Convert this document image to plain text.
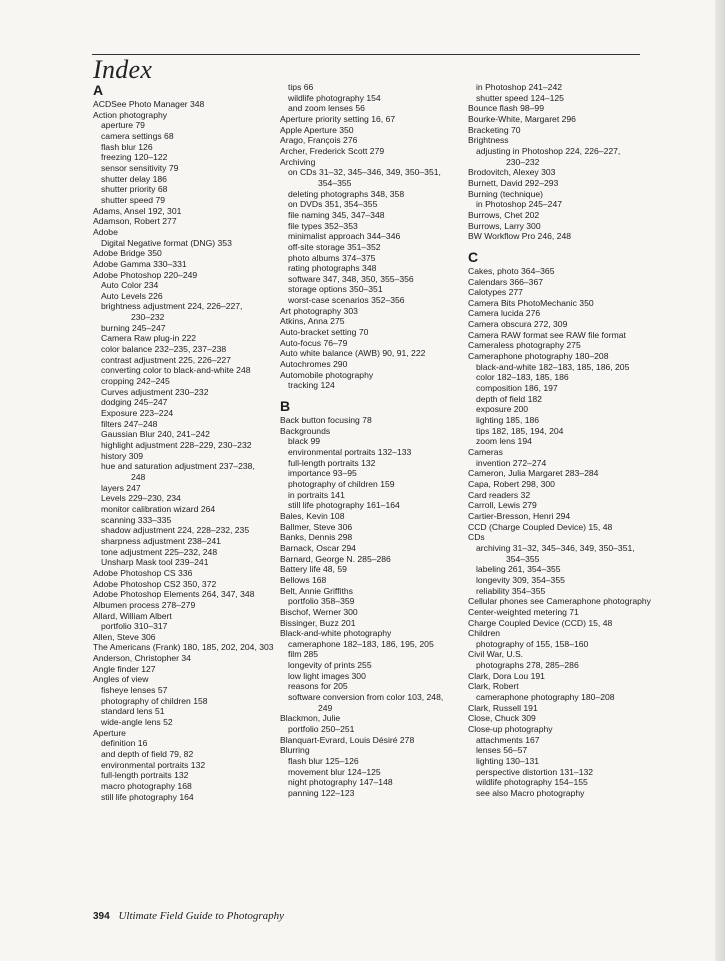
Index
A
ACDSee Photo Manager 348
Action photography
aperture 79
camera settings 68
flash blur 126
freezing 120–122
sensor sensitivity 79
shutter delay 186
shutter priority 68
shutter speed 79
Adams, Ansel 192, 301
Adamson, Robert 277
Adobe
Digital Negative format (DNG) 353
Adobe Bridge 350
Adobe Gamma 330–331
Adobe Photoshop 220–249
Auto Color 234
Auto Levels 226
brightness adjustment 224, 226–227,
230–232
burning 245–247
Camera Raw plug-in 222
color balance 232–235, 237–238
contrast adjustment 225, 226–227
converting color to black-and-white 248
cropping 242–245
Curves adjustment 230–232
dodging 245–247
Exposure 223–224
filters 247–248
Gaussian Blur 240, 241–242
highlight adjustment 228–229, 230–232
history 309
hue and saturation adjustment 237–238,
248
layers 247
Levels 229–230, 234
monitor calibration wizard 264
scanning 333–335
shadow adjustment 224, 228–232, 235
sharpness adjustment 238–241
tone adjustment 225–232, 248
Unsharp Mask tool 239–241
Adobe Photoshop CS 336
Adobe Photoshop CS2 350, 372
Adobe Photoshop Elements 264, 347, 348
Albumen process 278–279
Allard, William Albert
portfolio 310–317
Allen, Steve 306
The Americans (Frank) 180, 185, 202, 204, 303
Anderson, Christopher 34
Angle finder 127
Angles of view
fisheye lenses 57
photography of children 158
standard lens 51
wide-angle lens 52
Aperture
definition 16
and depth of field 79, 82
environmental portraits 132
full-length portraits 132
macro photography 168
still life photography 164
tips 66
wildlife photography 154
and zoom lenses 56
Aperture priority setting 16, 67
Apple Aperture 350
Arago, François 276
Archer, Frederick Scott 279
Archiving
on CDs 31–32, 345–346, 349, 350–351,
354–355
deleting photographs 348, 358
on DVDs 351, 354–355
file naming 345, 347–348
file types 352–353
minimalist approach 344–346
off-site storage 351–352
photo albums 374–375
rating photographs 348
software 347, 348, 350, 355–356
storage options 350–351
worst-case scenarios 352–356
Art photography 303
Atkins, Anna 275
Auto-bracket setting 70
Auto-focus 76–79
Auto white balance (AWB) 90, 91, 222
Autochromes 290
Automobile photography
tracking 124
B
Back button focusing 78
Backgrounds
black 99
environmental portraits 132–133
full-length portraits 132
importance 93–95
photography of children 159
in portraits 141
still life photography 161–164
Bales, Kevin 108
Ballmer, Steve 306
Banks, Dennis 298
Barnack, Oscar 294
Barnard, George N. 285–286
Battery life 48, 59
Bellows 168
Belt, Annie Griffiths
portfolio 358–359
Bischof, Werner 300
Bissinger, Buzz 201
Black-and-white photography
cameraphone 182–183, 186, 195, 205
film 285
longevity of prints 255
low light images 300
reasons for 205
software conversion from color 103, 248,
249
Blackmon, Julie
portfolio 250–251
Blanquart-Evrard, Louis Désiré 278
Blurring
flash blur 125–126
movement blur 124–125
night photography 147–148
panning 122–123
in Photoshop 241–242
shutter speed 124–125
Bounce flash 98–99
Bourke-White, Margaret 296
Bracketing 70
Brightness
adjusting in Photoshop 224, 226–227,
230–232
Brodovitch, Alexey 303
Burnett, David 292–293
Burning (technique)
in Photoshop 245–247
Burrows, Chet 202
Burrows, Larry 300
BW Workflow Pro 246, 248
C
Cakes, photo 364–365
Calendars 366–367
Calotypes 277
Camera Bits PhotoMechanic 350
Camera lucida 276
Camera obscura 272, 309
Camera RAW format see RAW file format
Cameraless photography 275
Cameraphone photography 180–208
black-and-white 182–183, 185, 186, 205
color 182–183, 185, 186
composition 186, 197
depth of field 182
exposure 200
lighting 185, 186
tips 182, 185, 194, 204
zoom lens 194
Cameras
invention 272–274
Cameron, Julia Margaret 283–284
Capa, Robert 298, 300
Card readers 32
Carroll, Lewis 279
Cartier-Bresson, Henri 294
CCD (Charge Coupled Device) 15, 48
CDs
archiving 31–32, 345–346, 349, 350–351,
354–355
labeling 261, 354–355
longevity 309, 354–355
reliability 354–355
Cellular phones see Cameraphone photography
Center-weighted metering 71
Charge Coupled Device (CCD) 15, 48
Children
photography of 155, 158–160
Civil War, U.S.
photographs 278, 285–286
Clark, Dora Lou 191
Clark, Robert
cameraphone photography 180–208
Clark, Russell 191
Close, Chuck 309
Close-up photography
attachments 167
lenses 56–57
lighting 130–131
perspective distortion 131–132
wildlife photography 154–155
see also Macro photography
394 Ultimate Field Guide to Photography
